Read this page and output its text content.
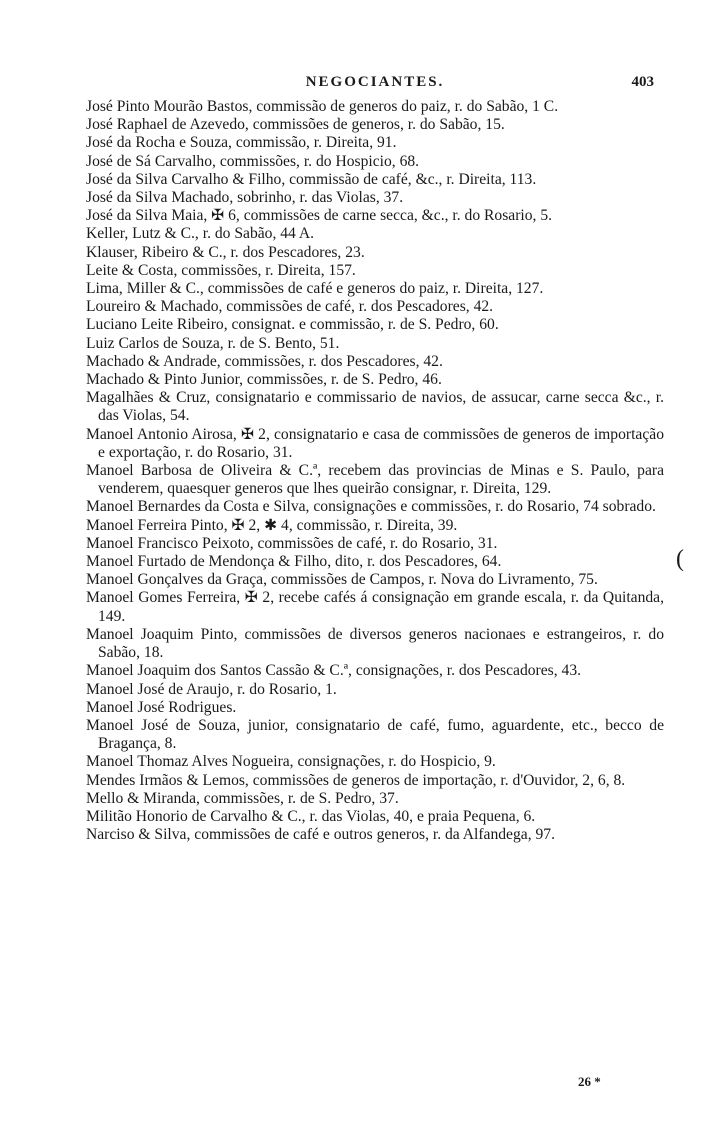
NEGOCIANTES.	403
José Pinto Mourão Bastos, commissão de generos do paiz, r. do Sabão, 1 C.
José Raphael de Azevedo, commissões de generos, r. do Sabão, 15.
José da Rocha e Souza, commissão, r. Direita, 91.
José de Sá Carvalho, commissões, r. do Hospicio, 68.
José da Silva Carvalho & Filho, commissão de café, &c., r. Direita, 113.
José da Silva Machado, sobrinho, r. das Violas, 37.
José da Silva Maia, ✠ 6, commissões de carne secca, &c., r. do Rosario, 5.
Keller, Lutz & C., r. do Sabão, 44 A.
Klauser, Ribeiro & C., r. dos Pescadores, 23.
Leite & Costa, commissões, r. Direita, 157.
Lima, Miller & C., commissões de café e generos do paiz, r. Direita, 127.
Loureiro & Machado, commissões de café, r. dos Pescadores, 42.
Luciano Leite Ribeiro, consignat. e commissão, r. de S. Pedro, 60.
Luiz Carlos de Souza, r. de S. Bento, 51.
Machado & Andrade, commissões, r. dos Pescadores, 42.
Machado & Pinto Junior, commissões, r. de S. Pedro, 46.
Magalhães & Cruz, consignatario e commissario de navios, de assucar, carne secca &c., r. das Violas, 54.
Manoel Antonio Airosa, ✠ 2, consignatario e casa de commissões de generos de importação e exportação, r. do Rosario, 31.
Manoel Barbosa de Oliveira & C.ª, recebem das provincias de Minas e S. Paulo, para venderem, quaesquer generos que lhes queirão consignar, r. Direita, 129.
Manoel Bernardes da Costa e Silva, consignações e commissões, r. do Rosario, 74 sobrado.
Manoel Ferreira Pinto, ✠ 2, ✱ 4, commissão, r. Direita, 39.
Manoel Francisco Peixoto, commissões de café, r. do Rosario, 31.
Manoel Furtado de Mendonça & Filho, dito, r. dos Pescadores, 64.
Manoel Gonçalves da Graça, commissões de Campos, r. Nova do Livramento, 75.
Manoel Gomes Ferreira, ✠ 2, recebe cafés á consignação em grande escala, r. da Quitanda, 149.
Manoel Joaquim Pinto, commissões de diversos generos nacionaes e estrangeiros, r. do Sabão, 18.
Manoel Joaquim dos Santos Cassão & C.ª, consignações, r. dos Pescadores, 43.
Manoel José de Araujo, r. do Rosario, 1.
Manoel José Rodrigues.
Manoel José de Souza, junior, consignatario de café, fumo, aguardente, etc., becco de Bragança, 8.
Manoel Thomaz Alves Nogueira, consignações, r. do Hospicio, 9.
Mendes Irmãos & Lemos, commissões de generos de importação, r. d'Ouvidor, 2, 6, 8.
Mello & Miranda, commissões, r. de S. Pedro, 37.
Militão Honorio de Carvalho & C., r. das Violas, 40, e praia Pequena, 6.
Narciso & Silva, commissões de café e outros generos, r. da Alfandega, 97.
(
26 *
